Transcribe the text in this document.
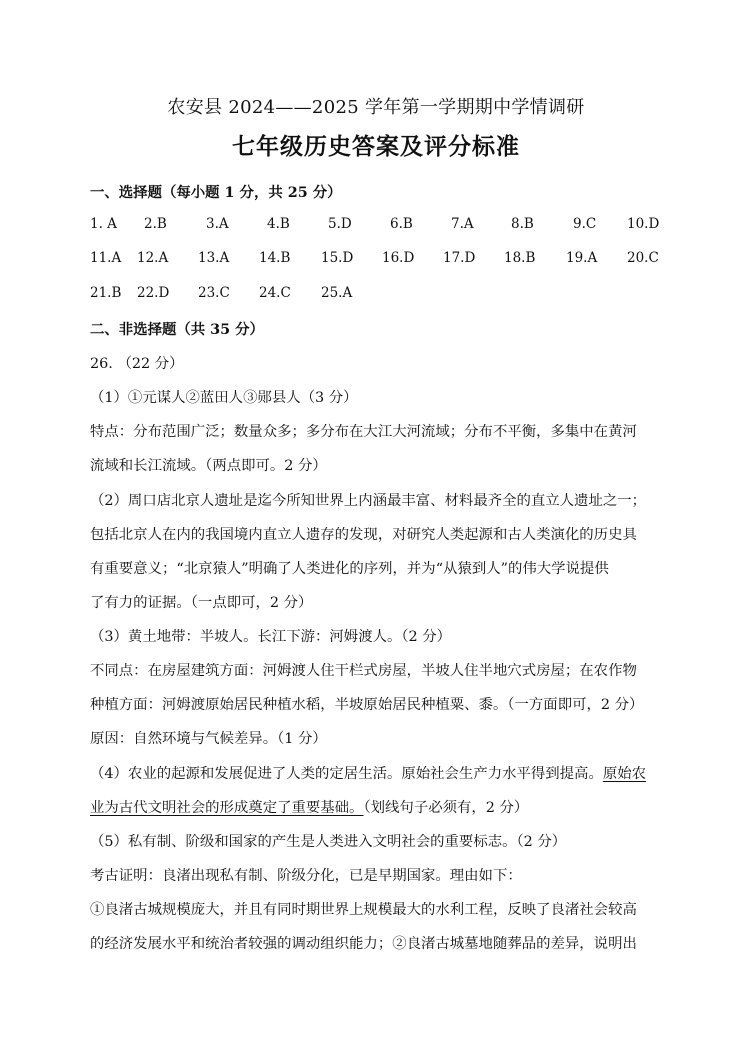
农安县 2024——2025 学年第一学期期中学情调研
七年级历史答案及评分标准
一、选择题（每小题 1 分，共 25 分）
1. A 2.B	3.A	4.B	5.D	6.B	7.A	8.B	9.C 10.D
11.A 12.A 13.A 14.B 15.D 16.D 17.D 18.B 19.A 20.C
21.B 22.D 23.C 24.C 25.A
二、非选择题（共 35 分）
26. （22 分）
（1）①元谋人②蓝田人③郧县人（3 分）
特点：分布范围广泛；数量众多；多分布在大江大河流域；分布不平衡，多集中在黄河
流域和长江流域。（两点即可。2 分）
（2）周口店北京人遗址是迄今所知世界上内涵最丰富、材料最齐全的直立人遗址之一；
包括北京人在内的我国境内直立人遗存的发现，对研究人类起源和古人类演化的历史具
有重要意义；“北京猿人”明确了人类进化的序列，并为“从猿到人”的伟大学说提供
了有力的证据。（一点即可，2 分）
（3）黄土地带：半坡人。长江下游：河姆渡人。（2 分）
不同点：在房屋建筑方面：河姆渡人住干栏式房屋，半坡人住半地穴式房屋；在农作物
种植方面：河姆渡原始居民种植水稻，半坡原始居民种植粟、黍。（一方面即可，2 分）
原因：自然环境与气候差异。（1 分）
（4）农业的起源和发展促进了人类的定居生活。原始社会生产力水平得到提高。原始农
业为古代文明社会的形成奠定了重要基础。（划线句子必须有，2 分）
（5）私有制、阶级和国家的产生是人类进入文明社会的重要标志。（2 分）
考古证明：良渚出现私有制、阶级分化，已是早期国家。理由如下：
①良渚古城规模庞大，并且有同时期世界上规模最大的水利工程，反映了良渚社会较高
的经济发展水平和统治者较强的调动组织能力；②良渚古城墓地随葬品的差异，说明出
